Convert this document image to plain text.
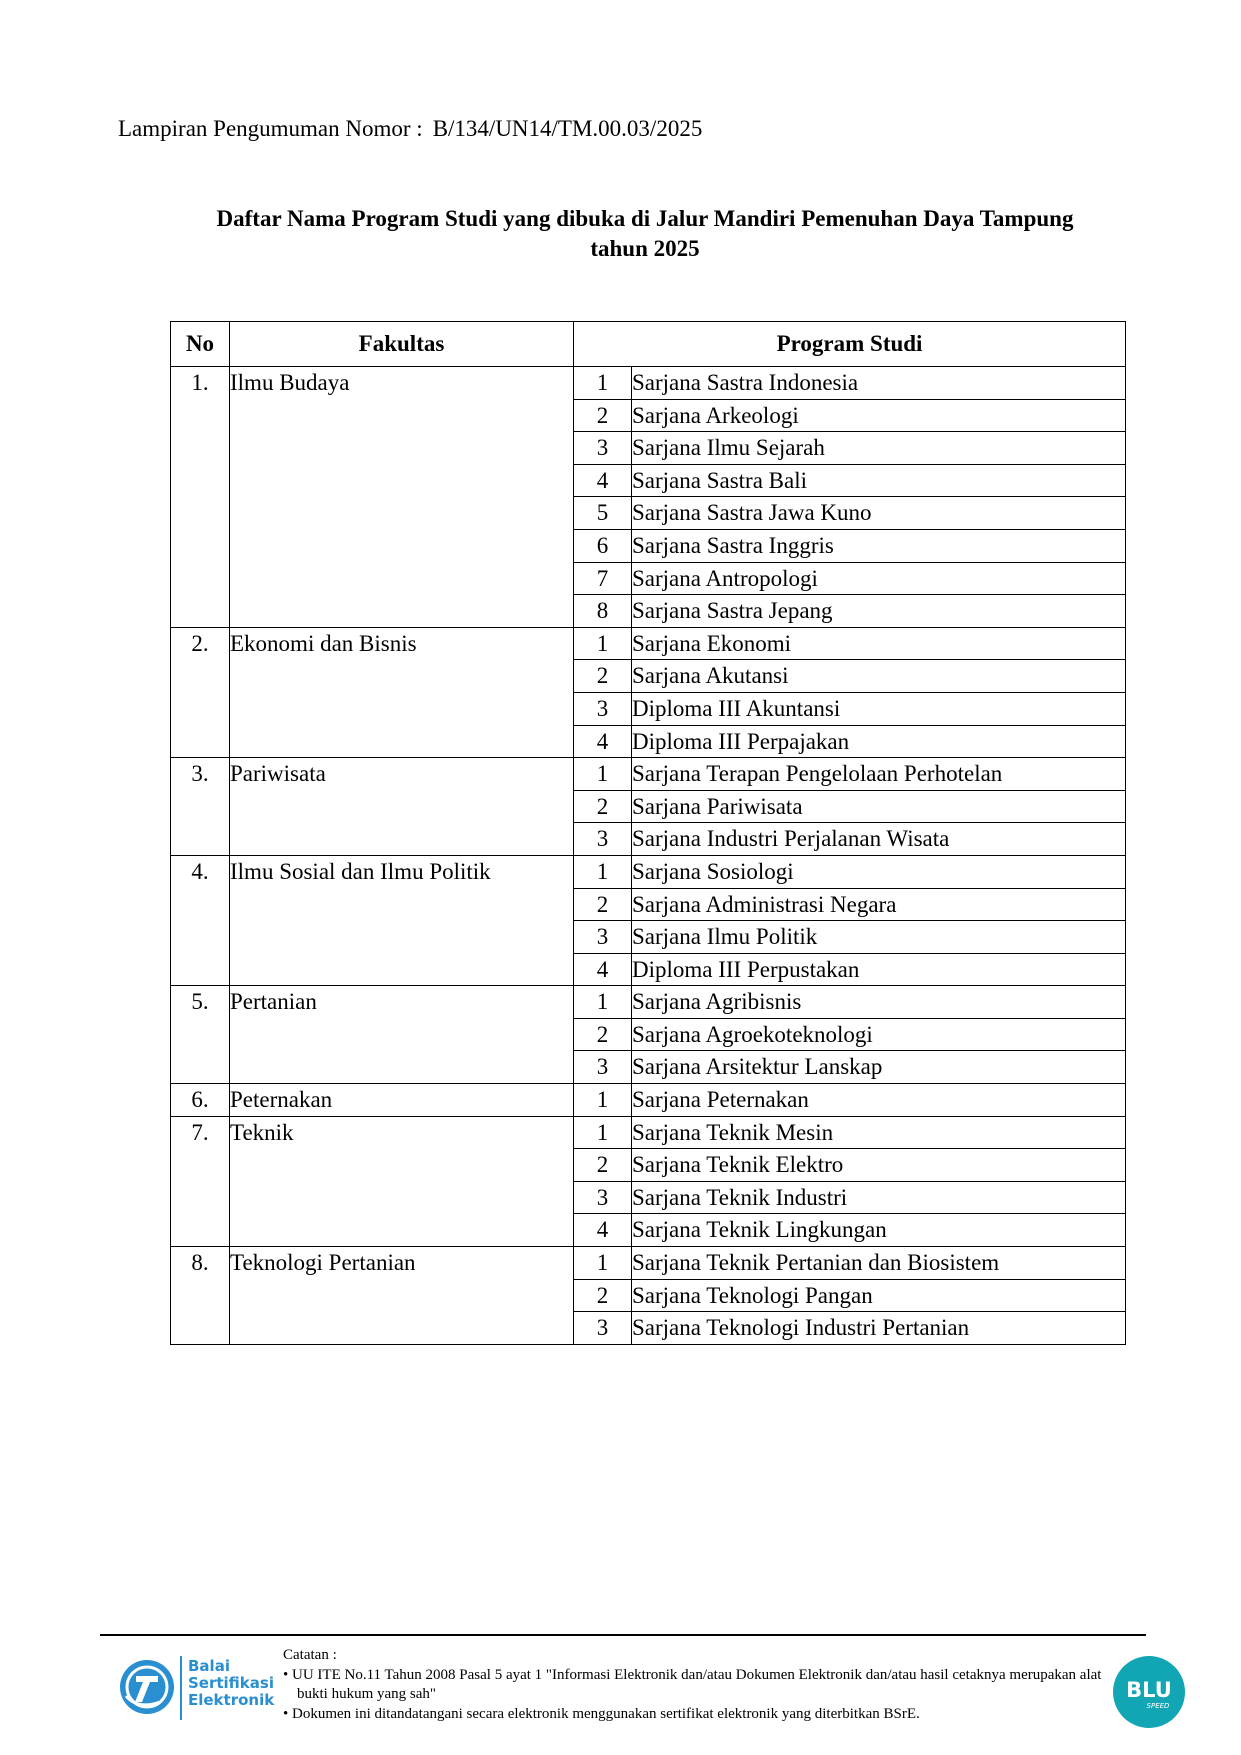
Lampiran Pengumuman Nomor : B/134/UN14/TM.00.03/2025
Daftar Nama Program Studi yang dibuka di Jalur Mandiri Pemenuhan Daya Tampung
tahun 2025
No	Fakultas	Program Studi	
1.	Ilmu Budaya	1	Sarjana Sastra Indonesia
		2	Sarjana Arkeologi
		3	Sarjana Ilmu Sejarah
		4	Sarjana Sastra Bali
		5	Sarjana Sastra Jawa Kuno
		6	Sarjana Sastra Inggris
		7	Sarjana Antropologi
		8	Sarjana Sastra Jepang
2.	Ekonomi dan Bisnis	1	Sarjana Ekonomi
		2	Sarjana Akutansi
		3	Diploma III Akuntansi
		4	Diploma III Perpajakan
3.	Pariwisata	1	Sarjana Terapan Pengelolaan Perhotelan
		2	Sarjana Pariwisata
		3	Sarjana Industri Perjalanan Wisata
4.	Ilmu Sosial dan Ilmu Politik	1	Sarjana Sosiologi
		2	Sarjana Administrasi Negara
		3	Sarjana Ilmu Politik
		4	Diploma III Perpustakan
5.	Pertanian	1	Sarjana Agribisnis
		2	Sarjana Agroekoteknologi
		3	Sarjana Arsitektur Lanskap
6.	Peternakan	1	Sarjana Peternakan
7.	Teknik	1	Sarjana Teknik Mesin
		2	Sarjana Teknik Elektro
		3	Sarjana Teknik Industri
		4	Sarjana Teknik Lingkungan
8.	Teknologi Pertanian	1	Sarjana Teknik Pertanian dan Biosistem
		2	Sarjana Teknologi Pangan
		3	Sarjana Teknologi Industri Pertanian
Balai
Sertifikasi
Elektronik
Catatan :
• UU ITE No.11 Tahun 2008 Pasal 5 ayat 1 "Informasi Elektronik dan/atau Dokumen Elektronik dan/atau hasil cetaknya merupakan alat bukti hukum yang sah"
• Dokumen ini ditandatangani secara elektronik menggunakan sertifikat elektronik yang diterbitkan BSrE.
BLU
SPEED
